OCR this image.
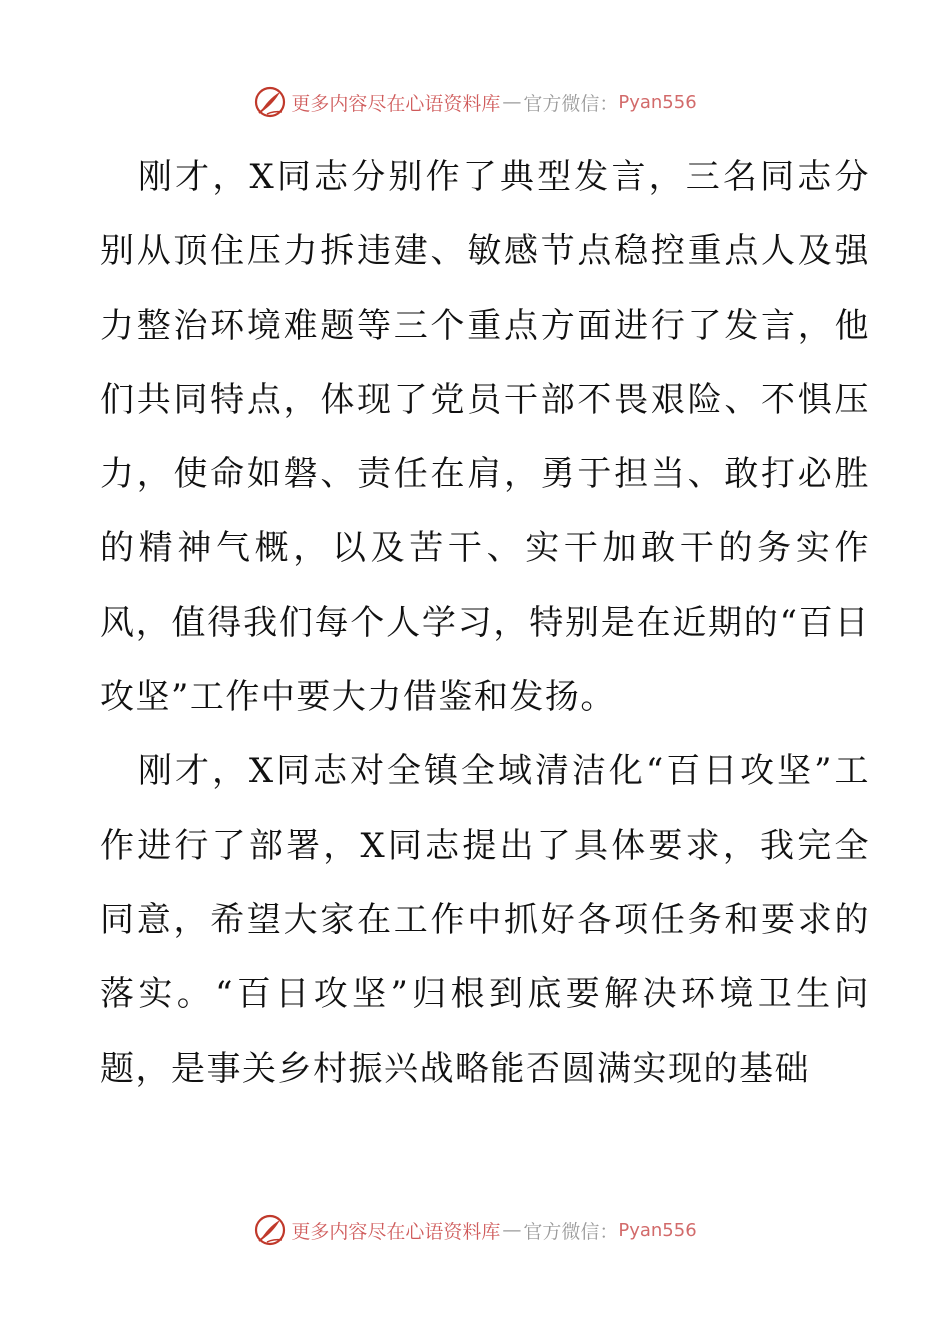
更多内容尽在心语资料库 — 官方微信： Pyan556

刚才，X同志分别作了典型发言，三名同志分别从顶住压力拆违建、敏感节点稳控重点人及强力整治环境难题等三个重点方面进行了发言，他们共同特点，体现了党员干部不畏艰险、不惧压力，使命如磐、责任在肩，勇于担当、敢打必胜的精神气概，以及苦干、实干加敢干的务实作风，值得我们每个人学习，特别是在近期的“百日攻坚”工作中要大力借鉴和发扬。

刚才，X同志对全镇全域清洁化“百日攻坚”工作进行了部署，X同志提出了具体要求，我完全同意，希望大家在工作中抓好各项任务和要求的落实。“百日攻坚”归根到底要解决环境卫生问题，是事关乡村振兴战略能否圆满实现的基础

更多内容尽在心语资料库 — 官方微信： Pyan556
